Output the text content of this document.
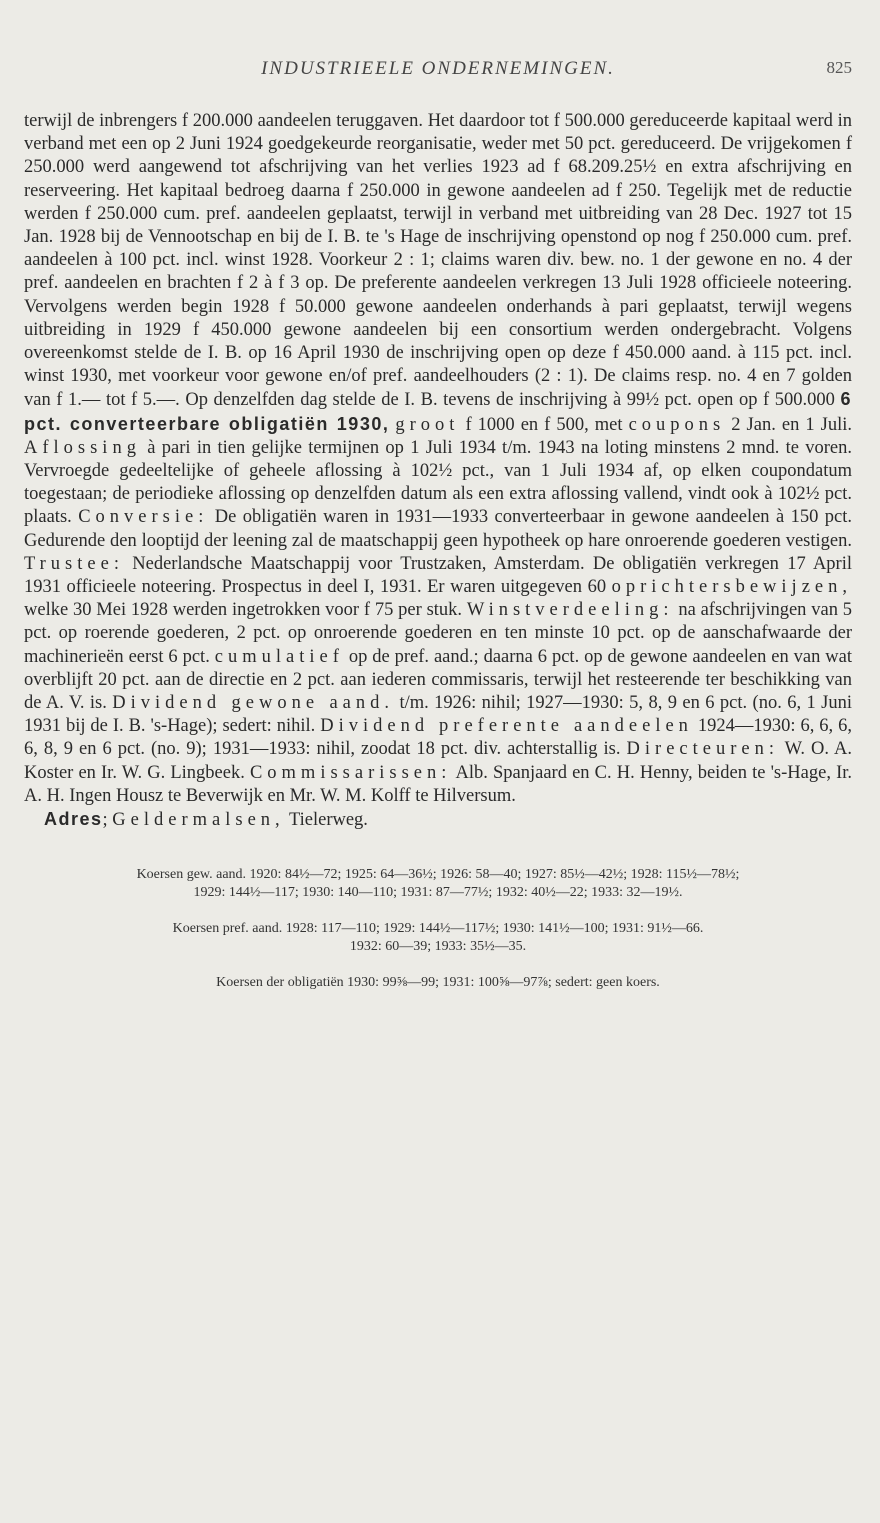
INDUSTRIEELE ONDERNEMINGEN.	825

terwijl de inbrengers f 200.000 aandeelen teruggaven. Het daardoor tot f 500.000 gereduceerde kapitaal werd in verband met een op 2 Juni 1924 goedgekeurde reorganisatie, weder met 50 pct. gereduceerd. De vrijgekomen f 250.000 werd aangewend tot afschrijving van het verlies 1923 ad f 68.209.25½ en extra afschrijving en reserveering. Het kapitaal bedroeg daarna f 250.000 in gewone aandeelen ad f 250. Tegelijk met de reductie werden f 250.000 cum. pref. aandeelen geplaatst, terwijl in verband met uitbreiding van 28 Dec. 1927 tot 15 Jan. 1928 bij de Vennootschap en bij de I. B. te 's Hage de inschrijving openstond op nog f 250.000 cum. pref. aandeelen à 100 pct. incl. winst 1928. Voorkeur 2 : 1; claims waren div. bew. no. 1 der gewone en no. 4 der pref. aandeelen en brachten f 2 à f 3 op. De preferente aandeelen verkregen 13 Juli 1928 officieele noteering. Vervolgens werden begin 1928 f 50.000 gewone aandeelen onderhands à pari geplaatst, terwijl wegens uitbreiding in 1929 f 450.000 gewone aandeelen bij een consortium werden ondergebracht. Volgens overeenkomst stelde de I. B. op 16 April 1930 de inschrijving open op deze f 450.000 aand. à 115 pct. incl. winst 1930, met voorkeur voor gewone en/of pref. aandeelhouders (2 : 1). De claims resp. no. 4 en 7 golden van f 1.— tot f 5.—. Op denzelfden dag stelde de I. B. tevens de inschrijving à 99½ pct. open op f 500.000 6 pct. converteerbare obligatiën 1930, groot f 1000 en f 500, met coupons 2 Jan. en 1 Juli. Aflossing à pari in tien gelijke termijnen op 1 Juli 1934 t/m. 1943 na loting minstens 2 mnd. te voren. Vervroegde gedeeltelijke of geheele aflossing à 102½ pct., van 1 Juli 1934 af, op elken coupondatum toegestaan; de periodieke aflossing op denzelfden datum als een extra aflossing vallend, vindt ook à 102½ pct. plaats. Conversie: De obligatiën waren in 1931—1933 converteerbaar in gewone aandeelen à 150 pct. Gedurende den looptijd der leening zal de maatschappij geen hypotheek op hare onroerende goederen vestigen. Trustee: Nederlandsche Maatschappij voor Trustzaken, Amsterdam. De obligatiën verkregen 17 April 1931 officieele noteering. Prospectus in deel I, 1931. Er waren uitgegeven 60 oprichtersbewijzen, welke 30 Mei 1928 werden ingetrokken voor f 75 per stuk. Winstverdeeling: na afschrijvingen van 5 pct. op roerende goederen, 2 pct. op onroerende goederen en ten minste 10 pct. op de aanschafwaarde der machinerieën eerst 6 pct. cumulatief op de pref. aand.; daarna 6 pct. op de gewone aandeelen en van wat overblijft 20 pct. aan de directie en 2 pct. aan iederen commissaris, terwijl het resteerende ter beschikking van de A. V. is. Dividend gewone aand. t/m. 1926: nihil; 1927—1930: 5, 8, 9 en 6 pct. (no. 6, 1 Juni 1931 bij de I. B. 's-Hage); sedert: nihil. Dividend preferente aandeelen 1924—1930: 6, 6, 6, 6, 8, 9 en 6 pct. (no. 9); 1931—1933: nihil, zoodat 18 pct. div. achterstallig is. Directeuren: W. O. A. Koster en Ir. W. G. Lingbeek. Commissarissen: Alb. Spanjaard en C. H. Henny, beiden te 's-Hage, Ir. A. H. Ingen Housz te Beverwijk en Mr. W. M. Kolff te Hilversum.

Adres; Geldermalsen, Tielerweg.

Koersen gew. aand. 1920: 84½—72; 1925: 64—36½; 1926: 58—40; 1927: 85½—42½; 1928: 115½—78½;
1929: 144½—117; 1930: 140—110; 1931: 87—77½; 1932: 40½—22; 1933: 32—19½.
Koersen pref. aand. 1928: 117—110; 1929: 144½—117½; 1930: 141½—100; 1931: 91½—66.
1932: 60—39; 1933: 35½—35.
Koersen der obligatiën 1930: 99⅝—99; 1931: 100⅝—97⅞; sedert: geen koers.
